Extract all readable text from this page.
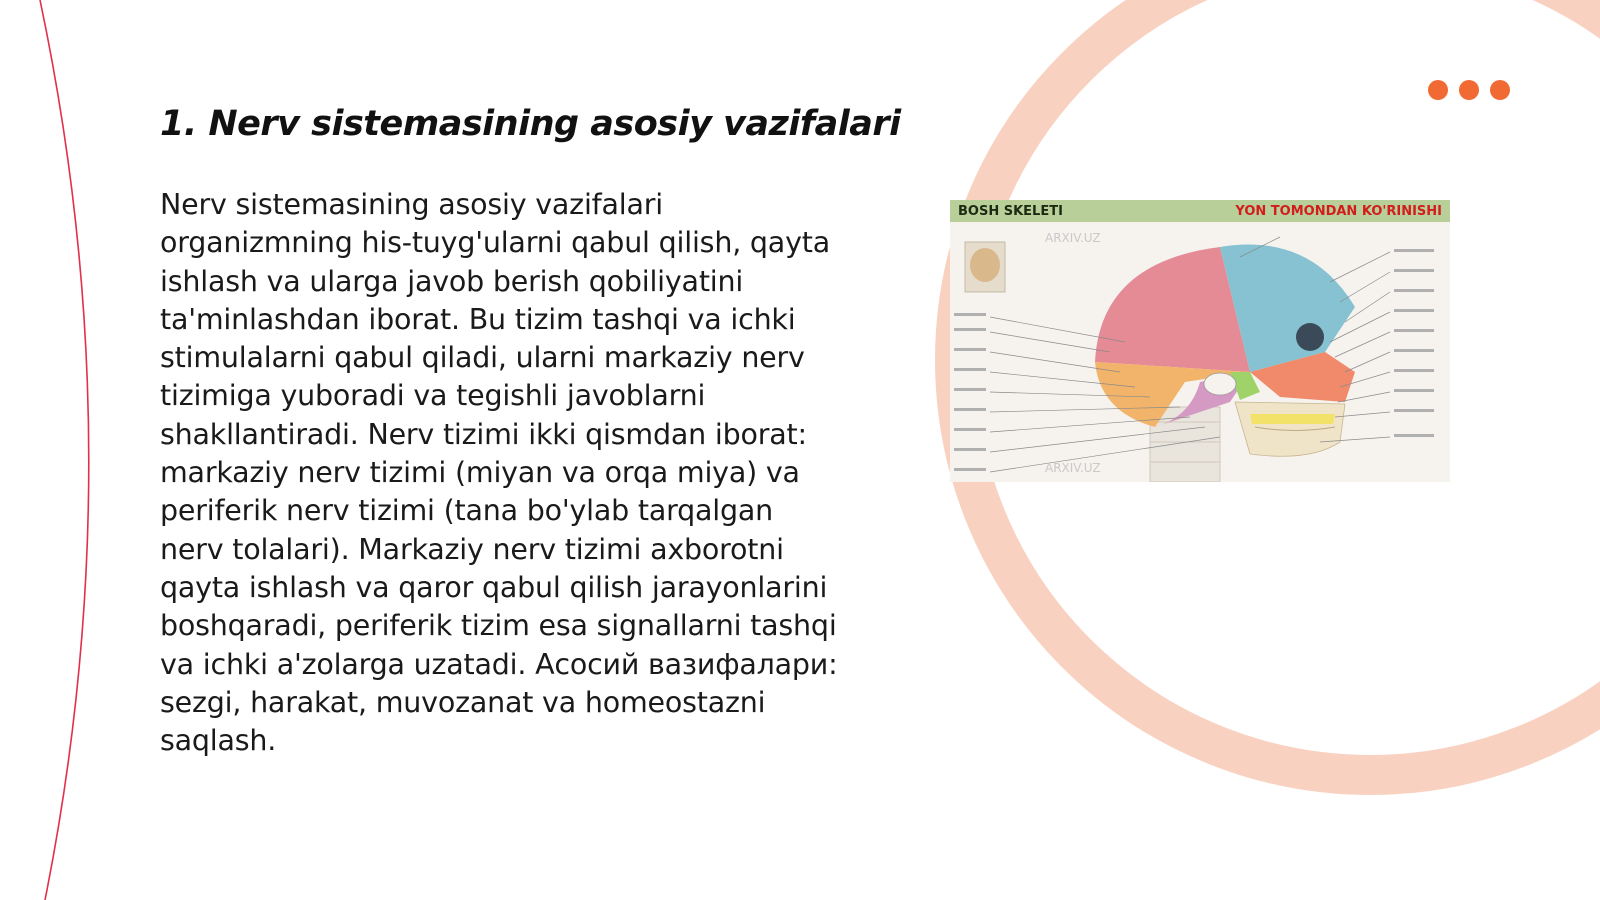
1. Nerv sistemasining asosiy vazifalari

Nerv sistemasining asosiy vazifalari organizmning his-tuyg'ularni qabul qilish, qayta ishlash va ularga javob berish qobiliyatini ta'minlashdan iborat. Bu tizim tashqi va ichki stimulalarni qabul qiladi, ularni markaziy nerv tizimiga yuboradi va tegishli javoblarni shakllantiradi. Nerv tizimi ikki qismdan iborat: markaziy nerv tizimi (miyan va orqa miya) va periferik nerv tizimi (tana bo'ylab tarqalgan nerv tolalari). Markaziy nerv tizimi axborotni qayta ishlash va qaror qabul qilish jarayonlarini boshqaradi, periferik tizim esa signallarni tashqi va ichki a'zolarga uzatadi. Асосий вазифалари: sezgi, harakat, muvozanat va homeostazni saqlash.

BOSH SKELETI	YON TOMONDAN KO'RINISHI
ARXIV.UZ
ARXIV.UZ
